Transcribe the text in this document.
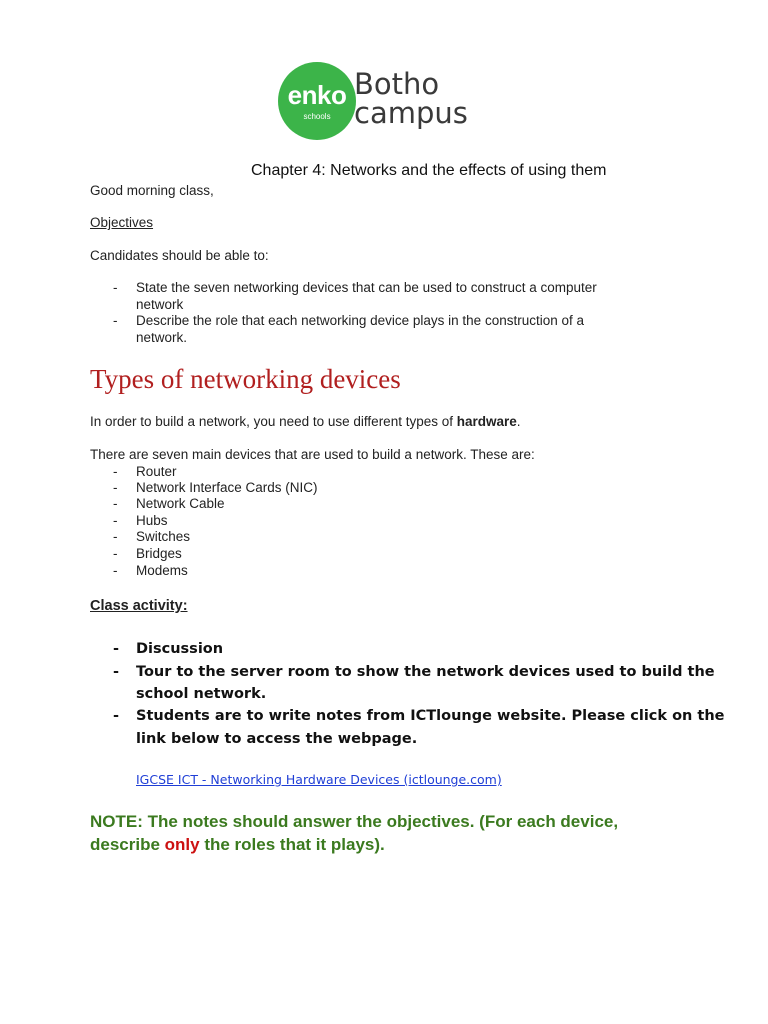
enko
schools
Botho
campus
Chapter 4: Networks and the effects of using them
Good morning class,
Objectives
Candidates should be able to:
- State the seven networking devices that can be used to construct a computer
network
- Describe the role that each networking device plays in the construction of a
network.
Types of networking devices
In order to build a network, you need to use different types of hardware.
There are seven main devices that are used to build a network. These are:
- Router
- Network Interface Cards (NIC)
- Network Cable
- Hubs
- Switches
- Bridges
- Modems
Class activity:
- Discussion
- Tour to the server room to show the network devices used to build the
school network.
- Students are to write notes from ICTlounge website. Please click on the
link below to access the webpage.
IGCSE ICT - Networking Hardware Devices (ictlounge.com)
NOTE: The notes should answer the objectives. (For each device,
describe only the roles that it plays).
